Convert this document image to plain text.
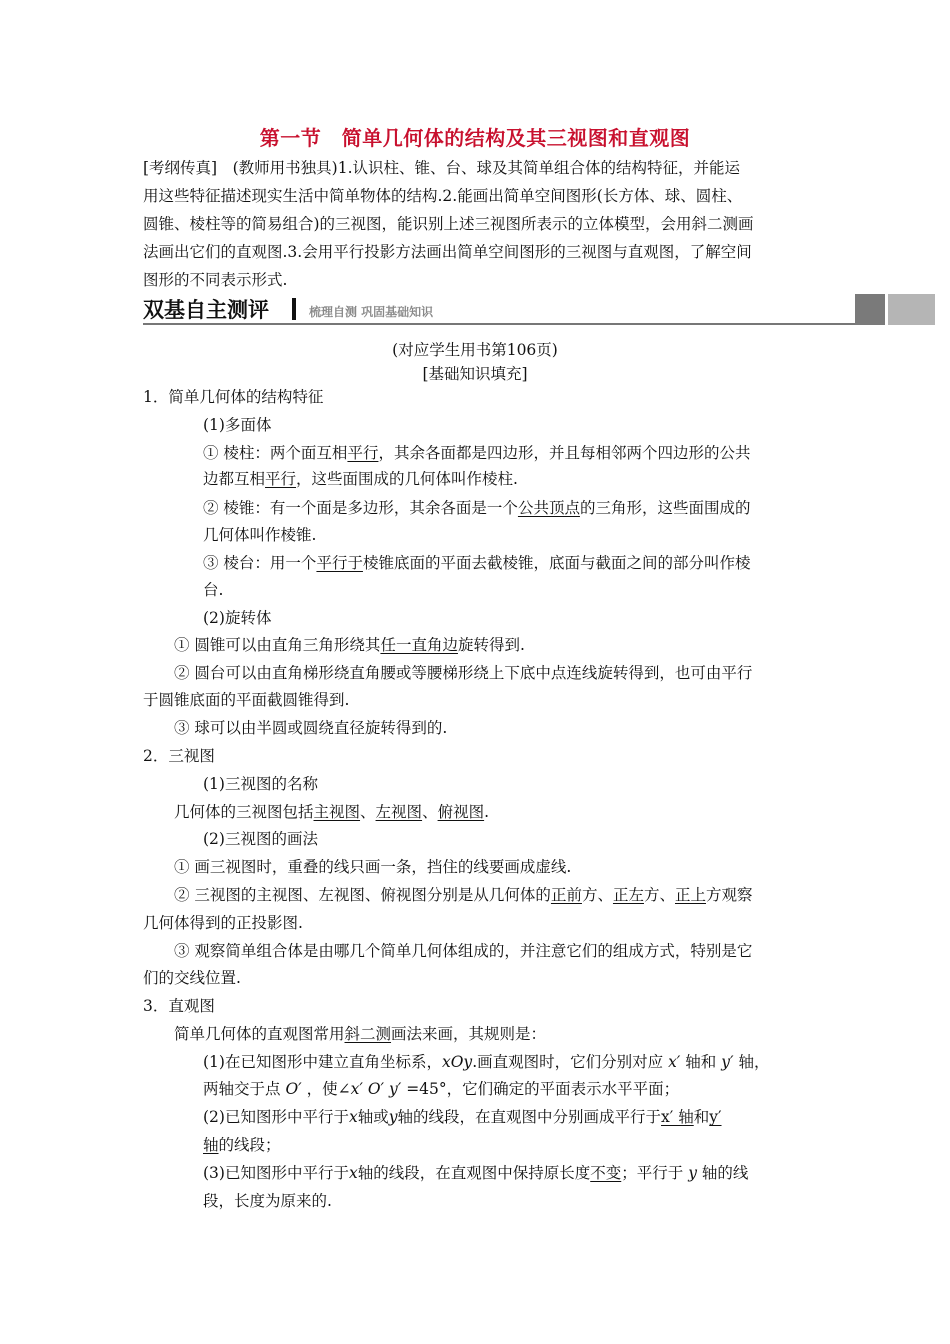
第一节　简单几何体的结构及其三视图和直观图
[考纲传真]　(教师用书独具)1.认识柱、锥、台、球及其简单组合体的结构特征，并能运
用这些特征描述现实生活中简单物体的结构.2.能画出简单空间图形(长方体、球、圆柱、
圆锥、棱柱等的简易组合)的三视图，能识别上述三视图所表示的立体模型，会用斜二测画
法画出它们的直观图.3.会用平行投影方法画出简单空间图形的三视图与直观图，了解空间
图形的不同表示形式.
双基自主测评	梳理自测 巩固基础知识
(对应学生用书第106页)
[基础知识填充]
1．简单几何体的结构特征
(1)多面体
① 棱柱：两个面互相平行，其余各面都是四边形，并且每相邻两个四边形的公共
边都互相平行，这些面围成的几何体叫作棱柱.
② 棱锥：有一个面是多边形，其余各面是一个公共顶点的三角形，这些面围成的
几何体叫作棱锥.
③ 棱台：用一个平行于棱锥底面的平面去截棱锥，底面与截面之间的部分叫作棱
台.
(2)旋转体
① 圆锥可以由直角三角形绕其任一直角边旋转得到.
② 圆台可以由直角梯形绕直角腰或等腰梯形绕上下底中点连线旋转得到，也可由平行
于圆锥底面的平面截圆锥得到.
③ 球可以由半圆或圆绕直径旋转得到的.
2．三视图
(1)三视图的名称
几何体的三视图包括主视图、左视图、俯视图.
(2)三视图的画法
① 画三视图时，重叠的线只画一条，挡住的线要画成虚线.
② 三视图的主视图、左视图、俯视图分别是从几何体的正前方、正左方、正上方观察
几何体得到的正投影图.
③ 观察简单组合体是由哪几个简单几何体组成的，并注意它们的组成方式，特别是它
们的交线位置.
3．直观图
简单几何体的直观图常用斜二测画法来画，其规则是：
(1)在已知图形中建立直角坐标系，xOy.画直观图时，它们分别对应 x′ 轴和 y′ 轴，
两轴交于点 O′ ，使∠x′ O′ y′ =45°，它们确定的平面表示水平平面；
(2)已知图形中平行于x轴或y轴的线段，在直观图中分别画成平行于x′ 轴和y′
轴的线段；
(3)已知图形中平行于x轴的线段，在直观图中保持原长度不变；平行于 y 轴的线
段，长度为原来的.
